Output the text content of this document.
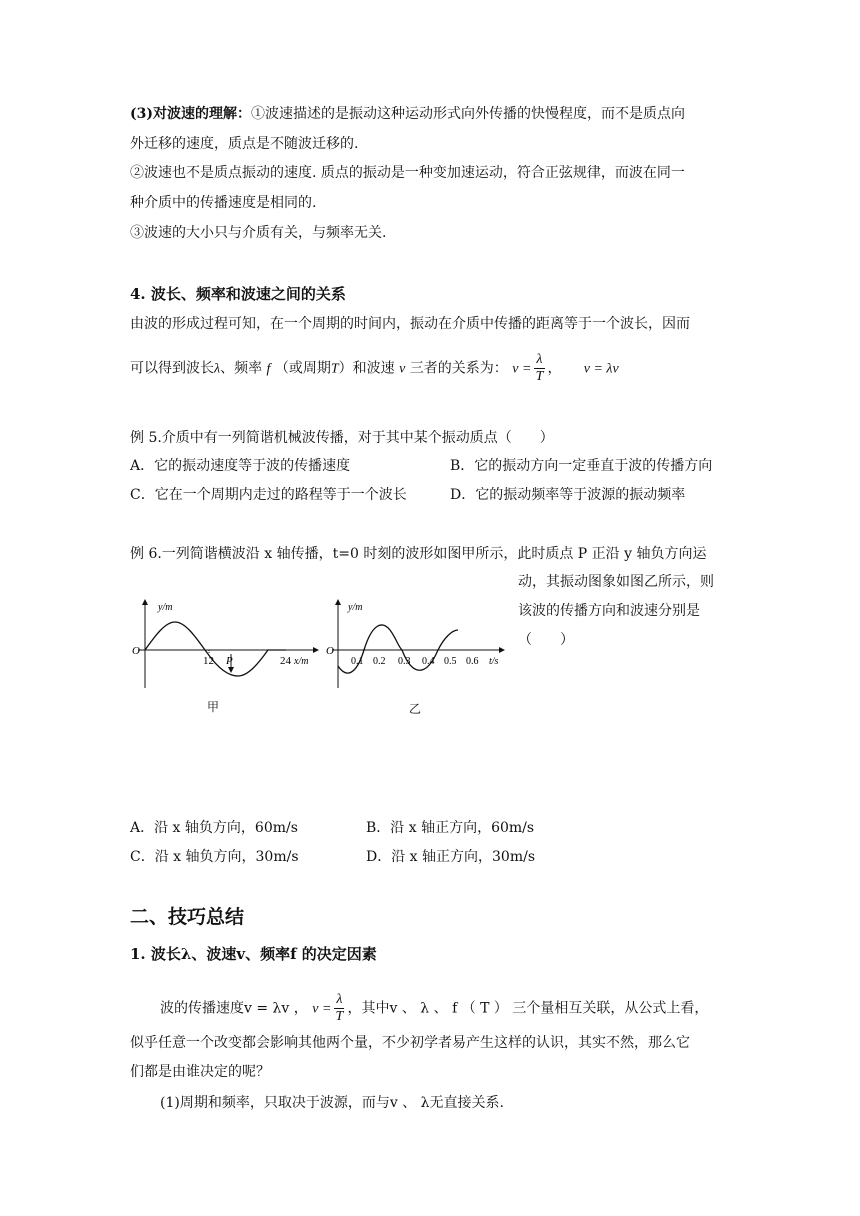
(3)对波速的理解：①波速描述的是振动这种运动形式向外传播的快慢程度，而不是质点向
外迁移的速度，质点是不随波迁移的.
②波速也不是质点振动的速度. 质点的振动是一种变加速运动，符合正弦规律，而波在同一
种介质中的传播速度是相同的.
③波速的大小只与介质有关，与频率无关.
4. 波长、频率和波速之间的关系
由波的形成过程可知，在一个周期的时间内，振动在介质中传播的距离等于一个波长，因而
可以得到波长λ、频率 f （或周期T）和波速 v 三者的关系为： $v = \frac{\lambda}{T}$ ，     v = λv
例 5.介质中有一列简谐机械波传播，对于其中某个振动质点（　　）
A．它的振动速度等于波的传播速度	B．它的振动方向一定垂直于波的传播方向
C．它在一个周期内走过的路程等于一个波长	D．它的振动频率等于波源的振动频率
例 6.一列简谐横波沿 x 轴传播，t=0 时刻的波形如图甲所示，此时质点 P 正沿 y 轴负方向运
动，其振动图象如图乙所示，则
该波的传播方向和波速分别是
（　　）
y/m
O
12 P	24 x/m
y/m
O
0.1 0.2 0.3 0.4 0.5 0.6 t/s
甲	乙
A．沿 x 轴负方向，60m/s	B．沿 x 轴正方向，60m/s
C．沿 x 轴负方向，30m/s	D．沿 x 轴正方向，30m/s
二、技巧总结
1. 波长λ、波速v、频率f 的决定因素
波的传播速度v = λv ， $v = \frac{\lambda}{T}$ ，其中v 、 λ 、 f （ T ） 三个量相互关联，从公式上看，
似乎任意一个改变都会影响其他两个量，不少初学者易产生这样的认识，其实不然，那么它
们都是由谁决定的呢？
(1)周期和频率，只取决于波源，而与v 、 λ无直接关系.
